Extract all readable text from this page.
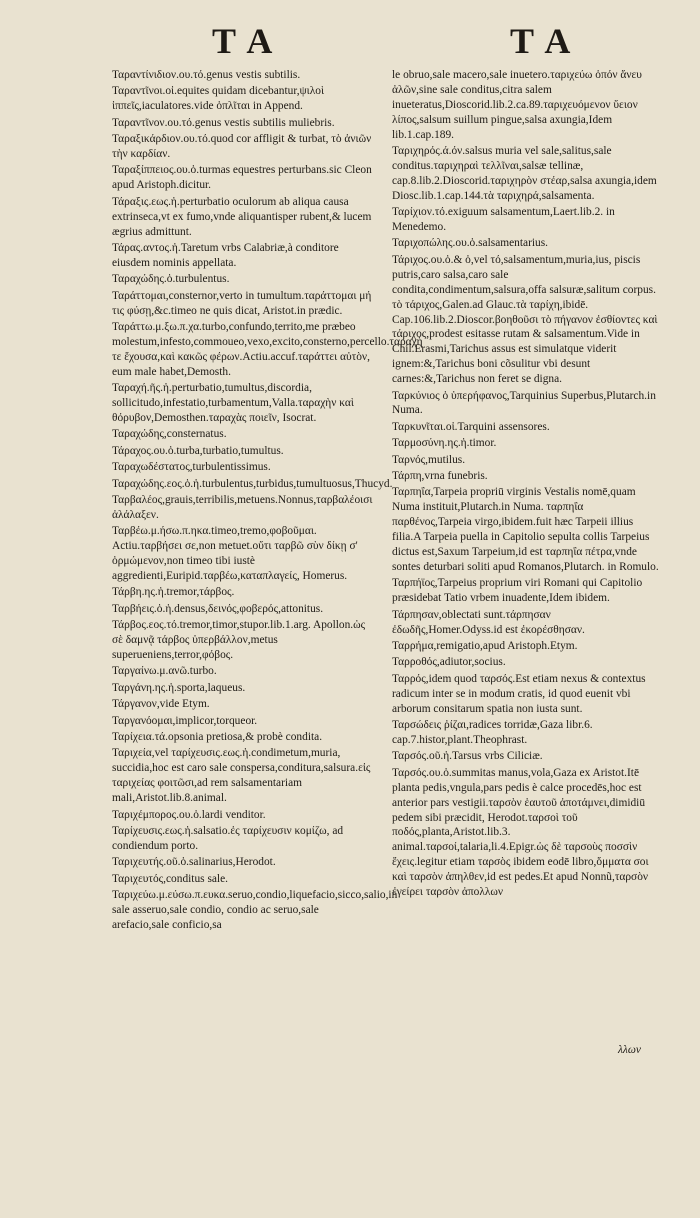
T A	T A

Ταραντίνιδιον.ου.τό.genus vestis subtilis.

Ταραντῖνοι.οἱ.equites quidam dicebantur,ψιλοὶ ἱππεῖς,iaculatores.vide ὁπλῖται in Append.

Ταραντῖνον.ου.τό.genus vestis subtilis muliebris.

Ταραξικάρδιον.ου.τό.quod cor affligit & turbat, τὸ ἀνιῶν τὴν καρδίαν.

Ταραξίππειος.ου.ὁ.turmas equestres perturbans.sic Cleon apud Aristoph.dicitur.

Τάραξις.εως.ἡ.perturbatio oculorum ab aliqua causa extrinseca,vt ex fumo,vnde aliquantisper rubent,& lucem ægrius admittunt.

Τάρας.αντος.ἡ.Taretum vrbs Calabriæ,à conditore eiusdem nominis appellata.

Ταραχώδης.ὁ.turbulentus.

Ταράττομαι,consternor,verto in tumultum.ταράττομαι μή τις φύσῃ,&c.timeo ne quis dicat, Aristot.in prædic.

Ταράττω.μ.ξω.π.χα.turbo,confundo,territo,me præbeo molestum,infesto,commoueo,vexo,excito,consterno,percello.ταραχὴ τε ἔχουσα,καὶ κακῶς φέρων.Actiu.accuf.ταράττει αὐτὸν, eum male habet,Demosth.

Ταραχή.ῆς.ἡ.perturbatio,tumultus,discordia, sollicitudo,infestatio,turbamentum,Valla.ταραχὴν καὶ θόρυβον,Demosthen.ταραχὰς ποιεῖν, Isocrat.

Ταραχώδης,consternatus.

Τάραχος.ου.ὁ.turba,turbatio,tumultus.

Ταραχωδέστατος,turbulentissimus.

Ταραχώδης.εος.ὁ.ἡ.turbulentus,turbidus,tumultuosus,Thucyd.

Ταρβαλέος,grauis,terribilis,metuens.Nonnus,ταρβαλέοισι ἀλάλαξεν.

Ταρβέω.μ.ήσω.π.ηκα.timeo,tremo,φοβοῦμαι. Actiu.ταρβήσει σε,non metuet.οὔτι ταρβῶ σὺν δίκῃ σ' ὁρμώμενον,non timeo tibi iustè aggredienti,Euripid.ταρβέω,καταπλαγείς, Homerus.

Τάρβη.ης.ἡ.tremor,τάρβος.

Ταρβήεις.ὁ.ἡ.densus,δεινός,φοβερός,attonitus.

Τάρβος.εος.τό.tremor,timor,stupor.lib.1.arg. Apollon.ὡς σὲ δαμνᾷ τάρβος ὑπερβάλλον,metus superueniens,terror,φόβος.

Ταργαίνω.μ.ανῶ.turbo.

Ταργάνη.ης.ἡ.sporta,laqueus.

Τάργανον,vide Etym.

Ταργανόομαι,implicor,torqueor.

Ταρίχεια.τά.opsonia pretiosa,& probè condita.

Ταριχεία,vel ταρίχευσις.εως.ἡ.condimetum,muria, succidia,hoc est caro sale conspersa,conditura,salsura.εἰς ταριχείας φοιτῶσι,ad rem salsamentariam mali,Aristot.lib.8.animal.

Ταριχέμπορος.ου.ὁ.lardi venditor.

Ταρίχευσις.εως.ἡ.salsatio.ἐς ταρίχευσιν κομίζω, ad condiendum porto.

Ταριχευτής.οῦ.ὁ.salinarius,Herodot.

Ταριχευτός,conditus sale.

Ταριχεύω.μ.εύσω.π.ευκα.seruo,condio,liquefacio,sicco,salio,in sale asseruo,sale condio, condio ac seruo,sale arefacio,sale conficio,sa

le obruo,sale macero,sale inuetero.ταριχεύω ὀπόν ἄνευ ἁλῶν,sine sale conditus,citra salem inueteratus,Dioscorid.lib.2.ca.89.ταριχευόμενον ὕειον λίπος,salsum suillum pingue,salsa axungia,Idem lib.1.cap.189.

Ταριχηρός.ά.όν.salsus muria vel sale,salitus,sale conditus.ταριχηραὶ τελλῖναι,salsæ tellinæ, cap.8.lib.2.Dioscorid.ταριχηρὸν στέαρ,salsa axungia,idem Diosc.lib.1.cap.144.τὰ ταριχηρά,salsamenta.

Ταρίχιον.τό.exiguum salsamentum,Laert.lib.2. in Menedemo.

Ταριχοπώλης.ου.ὁ.salsamentarius.

Τάριχος.ου.ὁ.& ὁ,vel τό,salsamentum,muria,ius, piscis putris,caro salsa,caro sale condita,condimentum,salsura,offa salsuræ,salitum corpus. τὸ τάριχος,Galen.ad Glauc.τὰ ταρίχη,ibidē. Cap.106.lib.2.Dioscor.βοηθοῦσι τὸ πήγανον ἐσθίοντες καὶ τάριχος,prodest esitasse rutam & salsamentum.Vide in Chil.Erasmi,Tarichus assus est simulatque viderit ignem:&,Tarichus boni cõsulitur vbi desunt carnes:&,Tarichus non feret se digna.

Ταρκύνιος ὁ ὑπερήφανος,Tarquinius Superbus,Plutarch.in Numa.

Ταρκυνῖται.οἱ.Tarquini assensores.

Ταρμοσύνη.ης.ἡ.timor.

Ταρνός,mutilus.

Τάρπη,vrna funebris.

Ταρπηΐα,Tarpeia propriū virginis Vestalis nomē,quam Numa instituit,Plutarch.in Numa. ταρπηΐα παρθένος,Tarpeia virgo,ibidem.fuit hæc Tarpeii illius filia.A Tarpeia puella in Capitolio sepulta collis Tarpeius dictus est,Saxum Tarpeium,id est ταρπηΐα πέτρα,vnde sontes deturbari soliti apud Romanos,Plutarch. in Romulo.

Ταρπήϊος,Tarpeius proprium viri Romani qui Capitolio præsidebat Tatio vrbem inuadente,Idem ibidem.

Τάρπησαν,oblectati sunt.τάρπησαν ἐδωδῆς,Homer.Odyss.id est ἐκορέσθησαν.

Ταρρήμα,remigatio,apud Aristoph.Etym.

Ταρροθός,adiutor,socius.

Ταρρός,idem quod ταρσός.Est etiam nexus & contextus radicum inter se in modum cratis, id quod euenit vbi arborum consitarum spatia non iusta sunt.

Ταρσώδεις ῥίζαι,radices torridæ,Gaza libr.6. cap.7.histor,plant.Theophrast.

Ταρσός.οῦ.ἡ.Tarsus vrbs Ciliciæ.

Ταρσός.ου.ὁ.summitas manus,vola,Gaza ex Aristot.Itē planta pedis,vngula,pars pedis è calce procedēs,hoc est anterior pars vestigii.ταρσὸν ἑαυτοῦ ἀποτάμνει,dimidiū pedem sibi præcidit, Herodot.ταρσοὶ τοῦ ποδός,planta,Aristot.lib.3. animal.ταρσοί,talaria,li.4.Epigr.ὡς δὲ ταρσοὺς ποσσὶν ἔχεις.legitur etiam ταρσὸς ibidem eodē libro,ὄμματα σοι καὶ ταρσὸν ἀπηλθεν,id est pedes.Et apud Nonnũ,ταρσὸν ἐγείρει ταρσὸν ἀπολλων

λλων
